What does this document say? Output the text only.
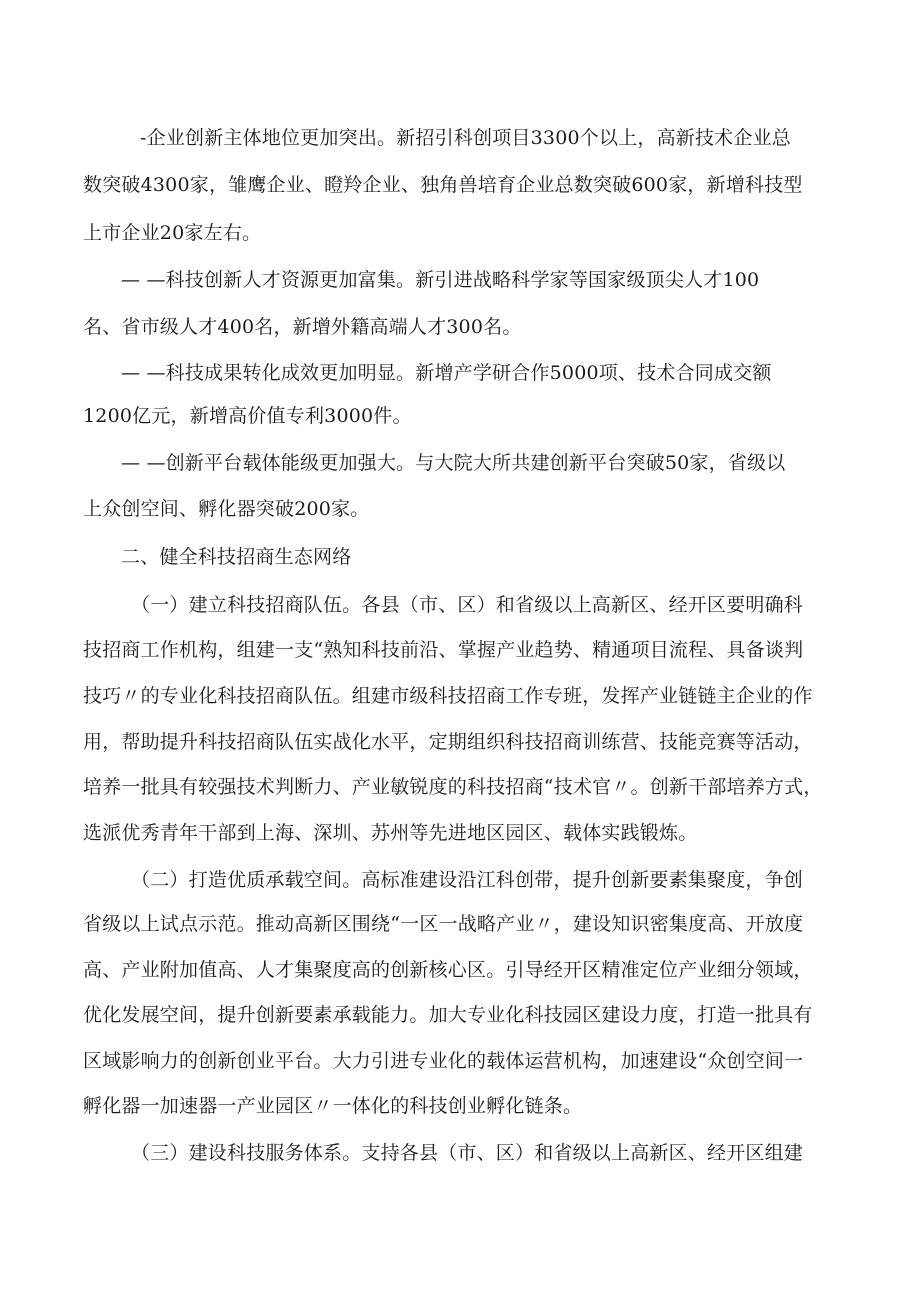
-企业创新主体地位更加突出。新招引科创项目3300个以上，高新技术企业总
数突破4300家，雏鹰企业、瞪羚企业、独角兽培育企业总数突破600家，新增科技型
上市企业20家左右。
— —科技创新人才资源更加富集。新引进战略科学家等国家级顶尖人才100
名、省市级人才400名，新增外籍高端人才300名。
— —科技成果转化成效更加明显。新增产学研合作5000项、技术合同成交额
1200亿元，新增高价值专利3000件。
— —创新平台载体能级更加强大。与大院大所共建创新平台突破50家，省级以
上众创空间、孵化器突破200家。
二、健全科技招商生态网络
（一）建立科技招商队伍。各县（市、区）和省级以上高新区、经开区要明确科
技招商工作机构，组建一支“熟知科技前沿、掌握产业趋势、精通项目流程、具备谈判
技巧〃的专业化科技招商队伍。组建市级科技招商工作专班，发挥产业链链主企业的作
用，帮助提升科技招商队伍实战化水平，定期组织科技招商训练营、技能竞赛等活动，
培养一批具有较强技术判断力、产业敏锐度的科技招商“技术官〃。创新干部培养方式，
选派优秀青年干部到上海、深圳、苏州等先进地区园区、载体实践锻炼。
（二）打造优质承载空间。高标准建设沿江科创带，提升创新要素集聚度，争创
省级以上试点示范。推动高新区围绕“一区一战略产业〃，建设知识密集度高、开放度
高、产业附加值高、人才集聚度高的创新核心区。引导经开区精准定位产业细分领域，
优化发展空间，提升创新要素承载能力。加大专业化科技园区建设力度，打造一批具有
区域影响力的创新创业平台。大力引进专业化的载体运营机构，加速建设“众创空间一
孵化器一加速器一产业园区〃一体化的科技创业孵化链条。
（三）建设科技服务体系。支持各县（市、区）和省级以上高新区、经开区组建
